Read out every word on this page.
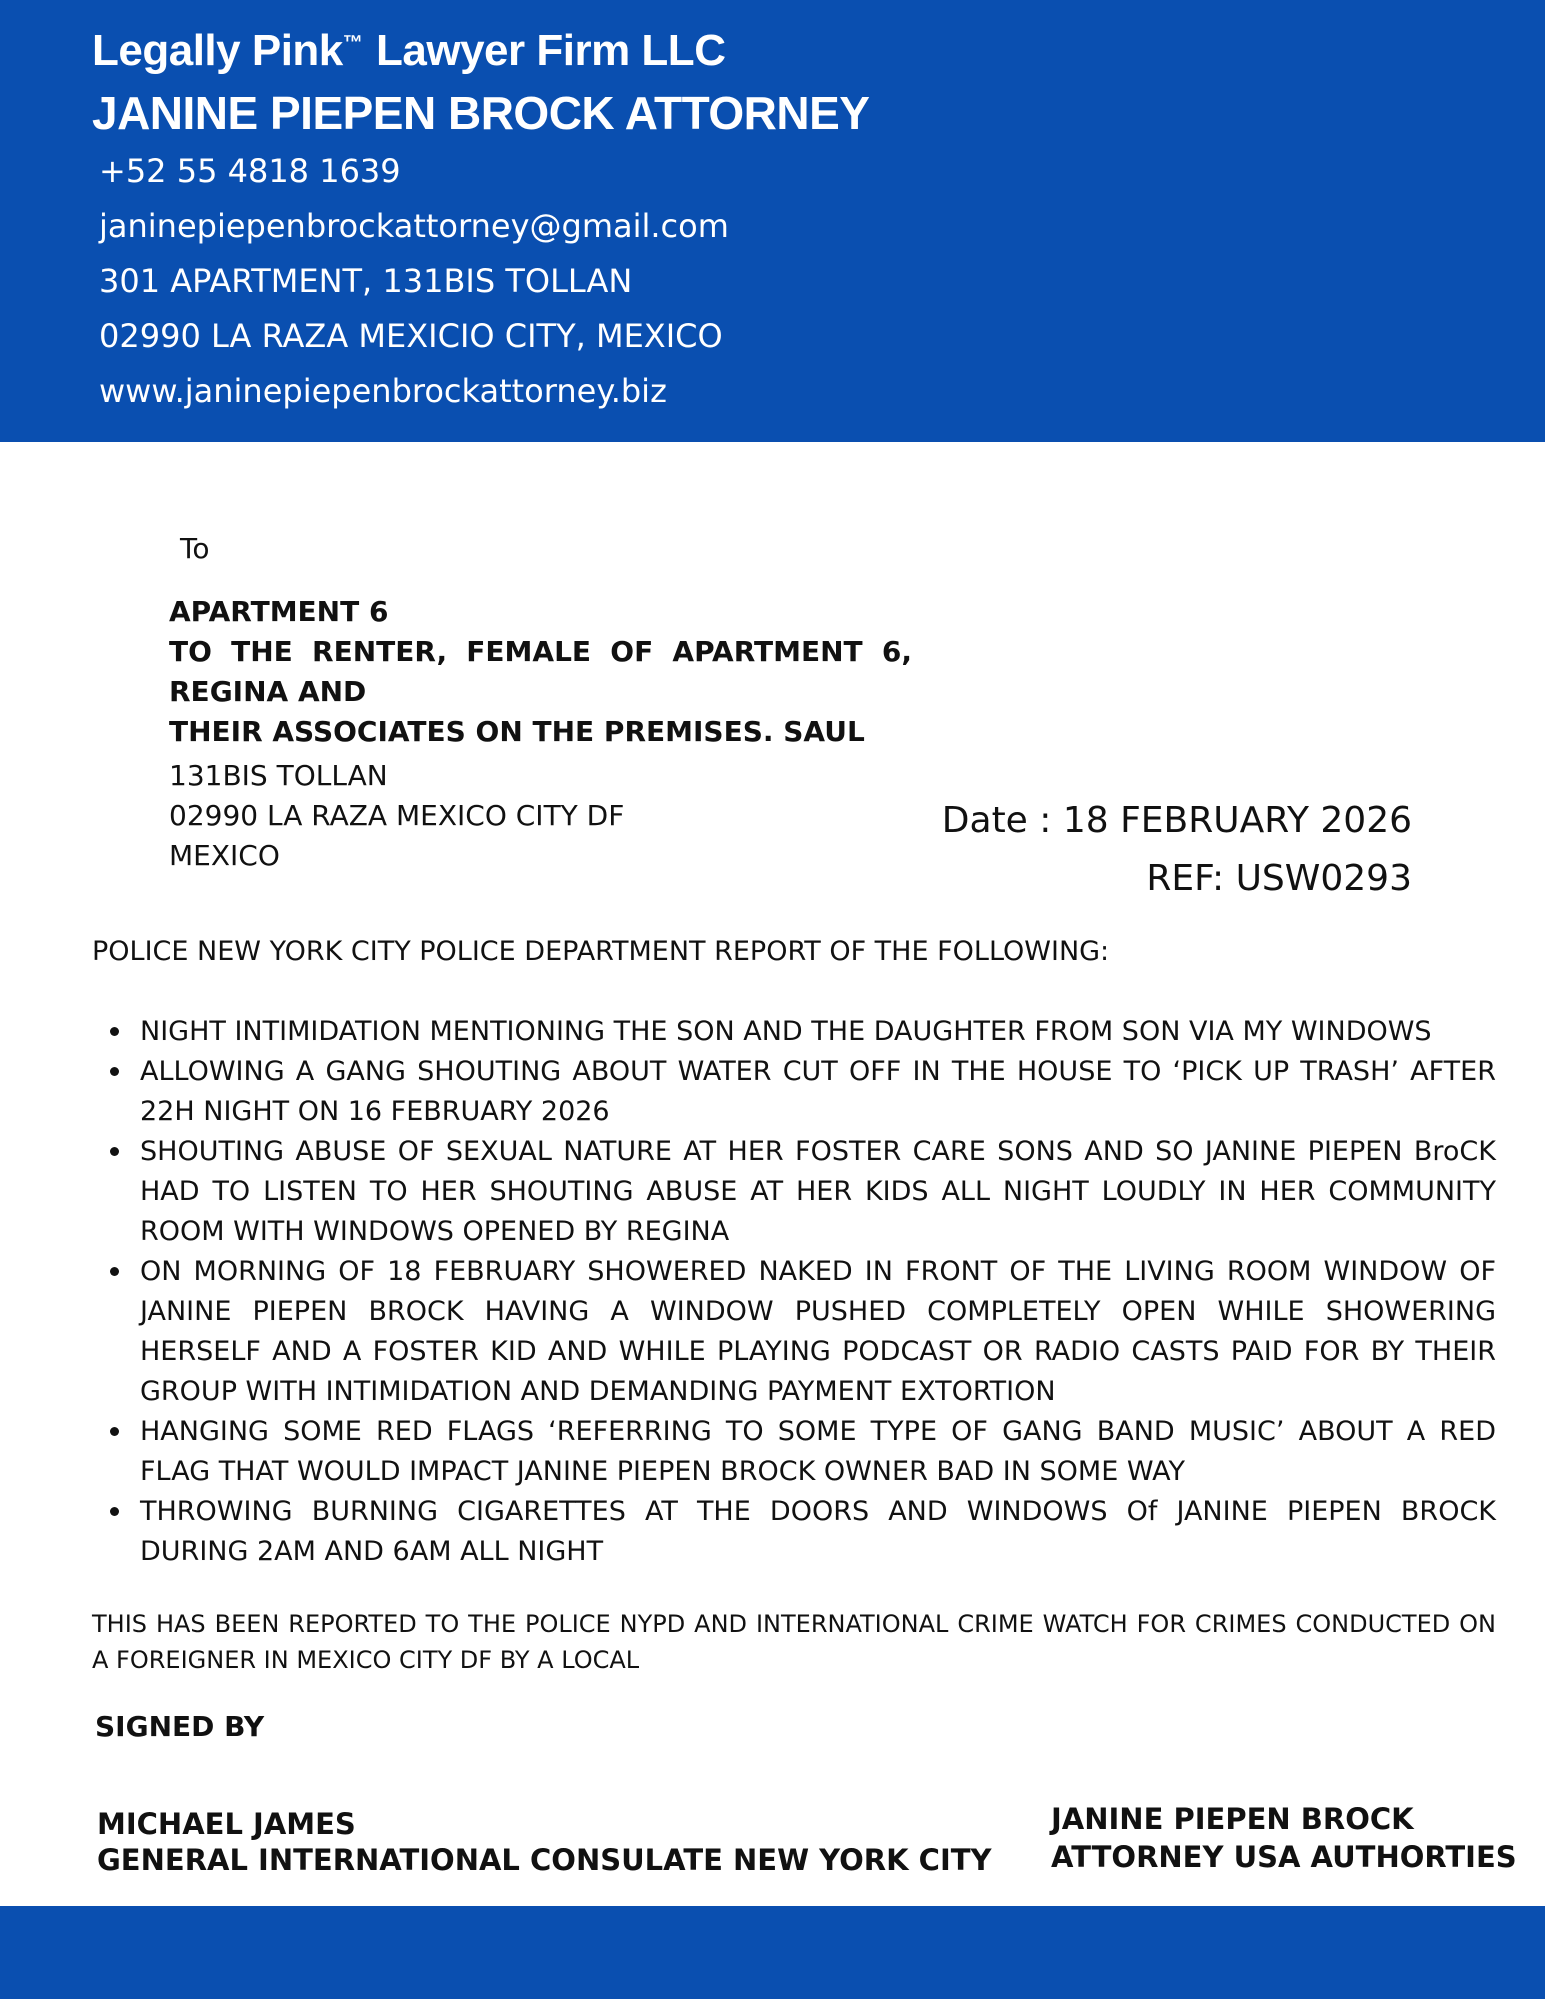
Legally Pink™ Lawyer Firm LLC
JANINE PIEPEN BROCK ATTORNEY
+52 55 4818 1639
janinepiepenbrockattorney@gmail.com
301 APARTMENT, 131BIS TOLLAN
02990 LA RAZA MEXICIO CITY, MEXICO
www.janinepiepenbrockattorney.biz
To
APARTMENT 6
TO THE RENTER, FEMALE OF APARTMENT 6,
REGINA AND
THEIR ASSOCIATES ON THE PREMISES. SAUL
131BIS TOLLAN
02990 LA RAZA MEXICO CITY DF
MEXICO
Date : 18 FEBRUARY 2026
REF: USW0293
POLICE NEW YORK CITY POLICE DEPARTMENT REPORT OF THE FOLLOWING:
NIGHT INTIMIDATION MENTIONING THE SON AND THE DAUGHTER FROM SON VIA MY WINDOWS
ALLOWING A GANG SHOUTING ABOUT WATER CUT OFF IN THE HOUSE TO ‘PICK UP TRASH’ AFTER 22H NIGHT ON 16 FEBRUARY 2026
SHOUTING ABUSE OF SEXUAL NATURE AT HER FOSTER CARE SONS AND SO JANINE PIEPEN BroCK HAD TO LISTEN TO HER SHOUTING ABUSE AT HER KIDS ALL NIGHT LOUDLY IN HER COMMUNITY ROOM WITH WINDOWS OPENED BY REGINA
ON MORNING OF 18 FEBRUARY SHOWERED NAKED IN FRONT OF THE LIVING ROOM WINDOW OF JANINE PIEPEN BROCK HAVING A WINDOW PUSHED COMPLETELY OPEN WHILE SHOWERING HERSELF AND A FOSTER KID AND WHILE PLAYING PODCAST OR RADIO CASTS PAID FOR BY THEIR GROUP WITH INTIMIDATION AND DEMANDING PAYMENT EXTORTION
HANGING SOME RED FLAGS ‘REFERRING TO SOME TYPE OF GANG BAND MUSIC’ ABOUT A RED FLAG THAT WOULD IMPACT JANINE PIEPEN BROCK OWNER BAD IN SOME WAY
THROWING BURNING CIGARETTES AT THE DOORS AND WINDOWS Of JANINE PIEPEN BROCK DURING 2AM AND 6AM ALL NIGHT
THIS HAS BEEN REPORTED TO THE POLICE NYPD AND INTERNATIONAL CRIME WATCH FOR CRIMES CONDUCTED ON A FOREIGNER IN MEXICO CITY DF BY A LOCAL
SIGNED BY
MICHAEL JAMES
GENERAL INTERNATIONAL CONSULATE NEW YORK CITY
JANINE PIEPEN BROCK
ATTORNEY USA AUTHORTIES
